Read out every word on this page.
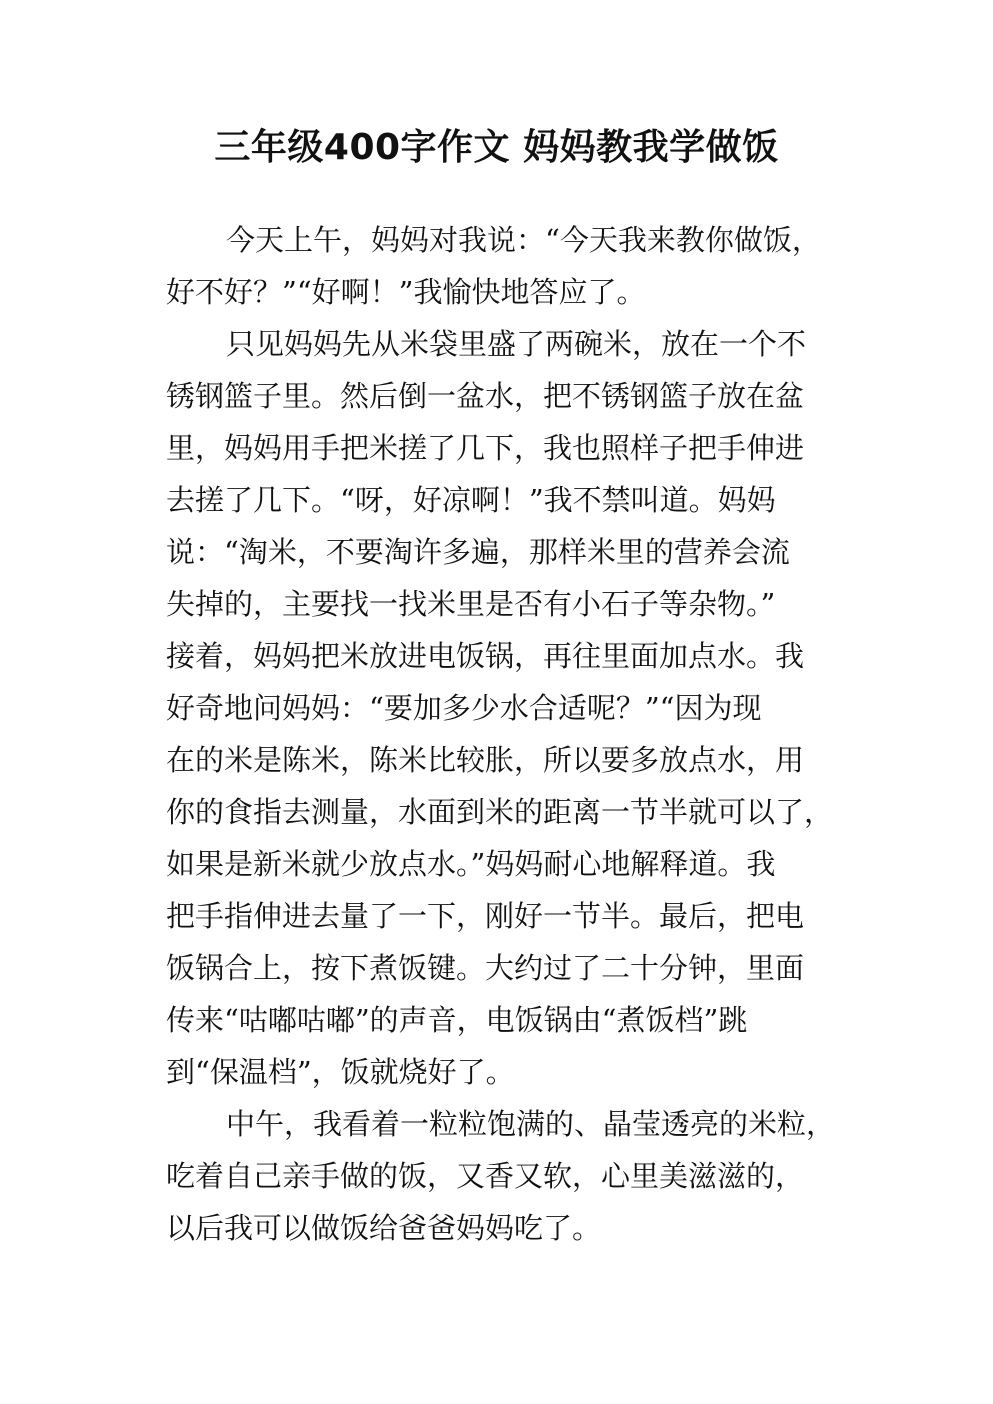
三年级400字作文 妈妈教我学做饭
今天上午，妈妈对我说：“今天我来教你做饭，
好不好？”“好啊！”我愉快地答应了。
只见妈妈先从米袋里盛了两碗米，放在一个不
锈钢篮子里。然后倒一盆水，把不锈钢篮子放在盆
里，妈妈用手把米搓了几下，我也照样子把手伸进
去搓了几下。“呀，好凉啊！”我不禁叫道。妈妈
说：“淘米，不要淘许多遍，那样米里的营养会流
失掉的，主要找一找米里是否有小石子等杂物。”
接着，妈妈把米放进电饭锅，再往里面加点水。我
好奇地问妈妈：“要加多少水合适呢？”“因为现
在的米是陈米，陈米比较胀，所以要多放点水，用
你的食指去测量，水面到米的距离一节半就可以了，
如果是新米就少放点水。”妈妈耐心地解释道。我
把手指伸进去量了一下，刚好一节半。最后，把电
饭锅合上，按下煮饭键。大约过了二十分钟，里面
传来“咕嘟咕嘟”的声音，电饭锅由“煮饭档”跳
到“保温档”，饭就烧好了。
中午，我看着一粒粒饱满的、晶莹透亮的米粒，
吃着自己亲手做的饭，又香又软，心里美滋滋的，
以后我可以做饭给爸爸妈妈吃了。
